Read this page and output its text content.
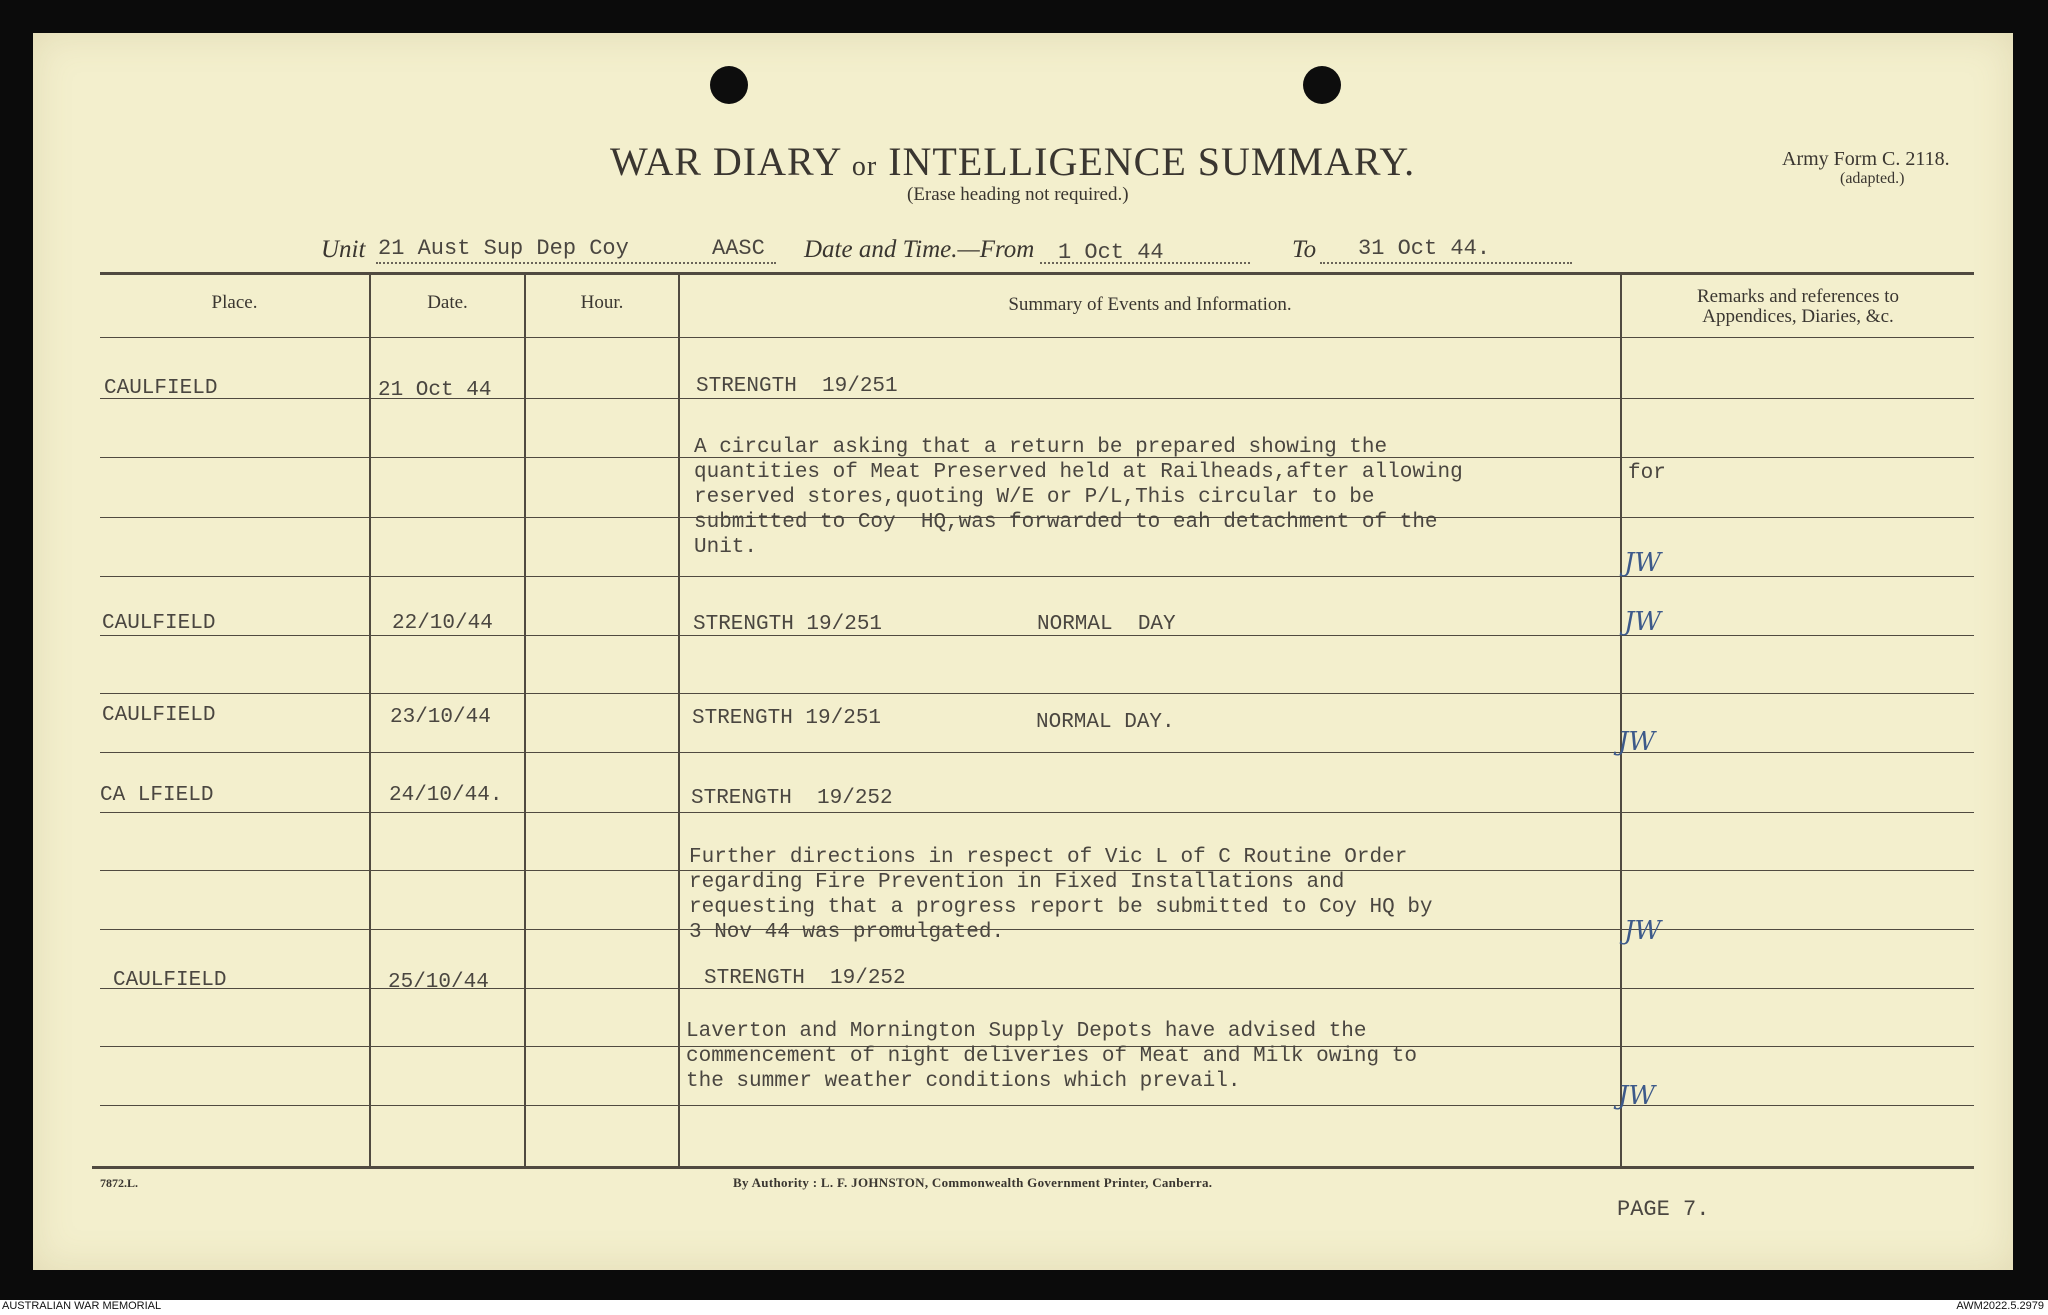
WAR DIARY or INTELLIGENCE SUMMARY.
(Erase heading not required.)
Army Form C. 2118.
(adapted.)
Unit 21 Aust Sup Dep Coy	AASC Date and Time.—From 1 Oct 44	To 31 Oct 44.
Place.	Date.	Hour.	Summary of Events and Information.	Remarks and references to
Appendices, Diaries, &c.
CAULFIELD	21 Oct 44	STRENGTH  19/251
A circular asking that a return be prepared showing the
quantities of Meat Preserved held at Railheads,after allowing
reserved stores,quoting W/E or P/L,This circular to be
submitted to Coy  HQ,was forwarded to eah detachment of the
Unit.
for
JW
CAULFIELD	22/10/44	STRENGTH 19/251	NORMAL  DAY	JW
CAULFIELD	23/10/44	STRENGTH 19/251	NORMAL DAY.
JW
CA LFIELD	24/10/44.	STRENGTH  19/252
Further directions in respect of Vic L of C Routine Order
regarding Fire Prevention in Fixed Installations and
requesting that a progress report be submitted to Coy HQ by
3 Nov 44 was promulgated.	JW
CAULFIELD	25/10/44	STRENGTH  19/252
Laverton and Mornington Supply Depots have advised the
commencement of night deliveries of Meat and Milk owing to
the summer weather conditions which prevail.	JW
7872.L.	By Authority : L. F. JOHNSTON, Commonwealth Government Printer, Canberra.
PAGE 7.
AUSTRALIAN WAR MEMORIAL	AWM2022.5.2979
